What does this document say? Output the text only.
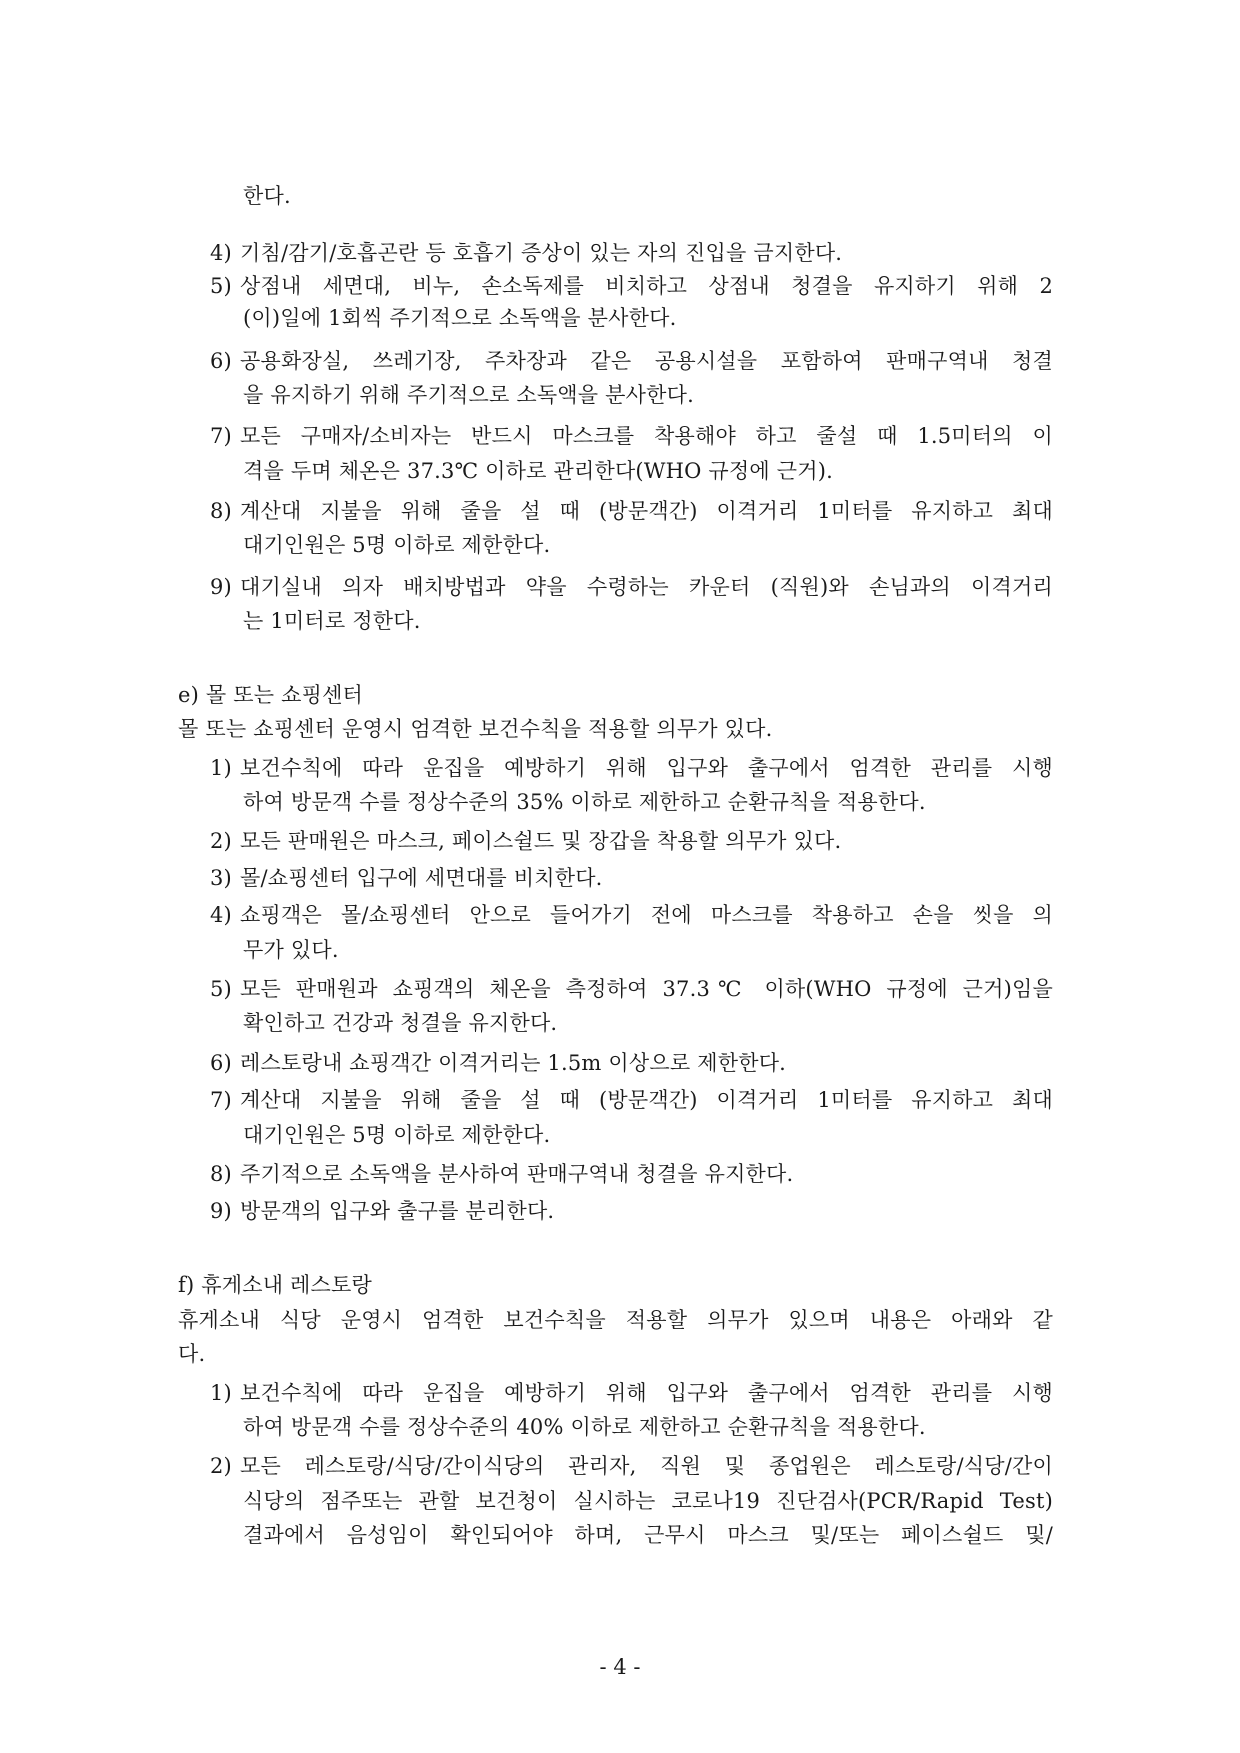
한다.
4) 기침/감기/호흡곤란 등 호흡기 증상이 있는 자의 진입을 금지한다.
5) 상점내 세면대, 비누, 손소독제를 비치하고 상점내 청결을 유지하기 위해 2
(이)일에 1회씩 주기적으로 소독액을 분사한다.
6) 공용화장실, 쓰레기장, 주차장과 같은 공용시설을 포함하여 판매구역내 청결
을 유지하기 위해 주기적으로 소독액을 분사한다.
7) 모든 구매자/소비자는 반드시 마스크를 착용해야 하고 줄설 때 1.5미터의 이
격을 두며 체온은 37.3℃ 이하로 관리한다(WHO 규정에 근거).
8) 계산대 지불을 위해 줄을 설 때 (방문객간) 이격거리 1미터를 유지하고 최대
대기인원은 5명 이하로 제한한다.
9) 대기실내 의자 배치방법과 약을 수령하는 카운터 (직원)와 손님과의 이격거리
는 1미터로 정한다.
e) 몰 또는 쇼핑센터
몰 또는 쇼핑센터 운영시 엄격한 보건수칙을 적용할 의무가 있다.
1) 보건수칙에 따라 운집을 예방하기 위해 입구와 출구에서 엄격한 관리를 시행
하여 방문객 수를 정상수준의 35% 이하로 제한하고 순환규칙을 적용한다.
2) 모든 판매원은 마스크, 페이스쉴드 및 장갑을 착용할 의무가 있다.
3) 몰/쇼핑센터 입구에 세면대를 비치한다.
4) 쇼핑객은 몰/쇼핑센터 안으로 들어가기 전에 마스크를 착용하고 손을 씻을 의
무가 있다.
5) 모든 판매원과 쇼핑객의 체온을 측정하여 37.3℃ 이하(WHO 규정에 근거)임을
확인하고 건강과 청결을 유지한다.
6) 레스토랑내 쇼핑객간 이격거리는 1.5m 이상으로 제한한다.
7) 계산대 지불을 위해 줄을 설 때 (방문객간) 이격거리 1미터를 유지하고 최대
대기인원은 5명 이하로 제한한다.
8) 주기적으로 소독액을 분사하여 판매구역내 청결을 유지한다.
9) 방문객의 입구와 출구를 분리한다.
f) 휴게소내 레스토랑
휴게소내 식당 운영시 엄격한 보건수칙을 적용할 의무가 있으며 내용은 아래와 같
다.
1) 보건수칙에 따라 운집을 예방하기 위해 입구와 출구에서 엄격한 관리를 시행
하여 방문객 수를 정상수준의 40% 이하로 제한하고 순환규칙을 적용한다.
2) 모든 레스토랑/식당/간이식당의 관리자, 직원 및 종업원은 레스토랑/식당/간이
식당의 점주또는 관할 보건청이 실시하는 코로나19 진단검사(PCR/Rapid Test)
결과에서 음성임이 확인되어야 하며, 근무시 마스크 및/또는 페이스쉴드 및/
- 4 -
